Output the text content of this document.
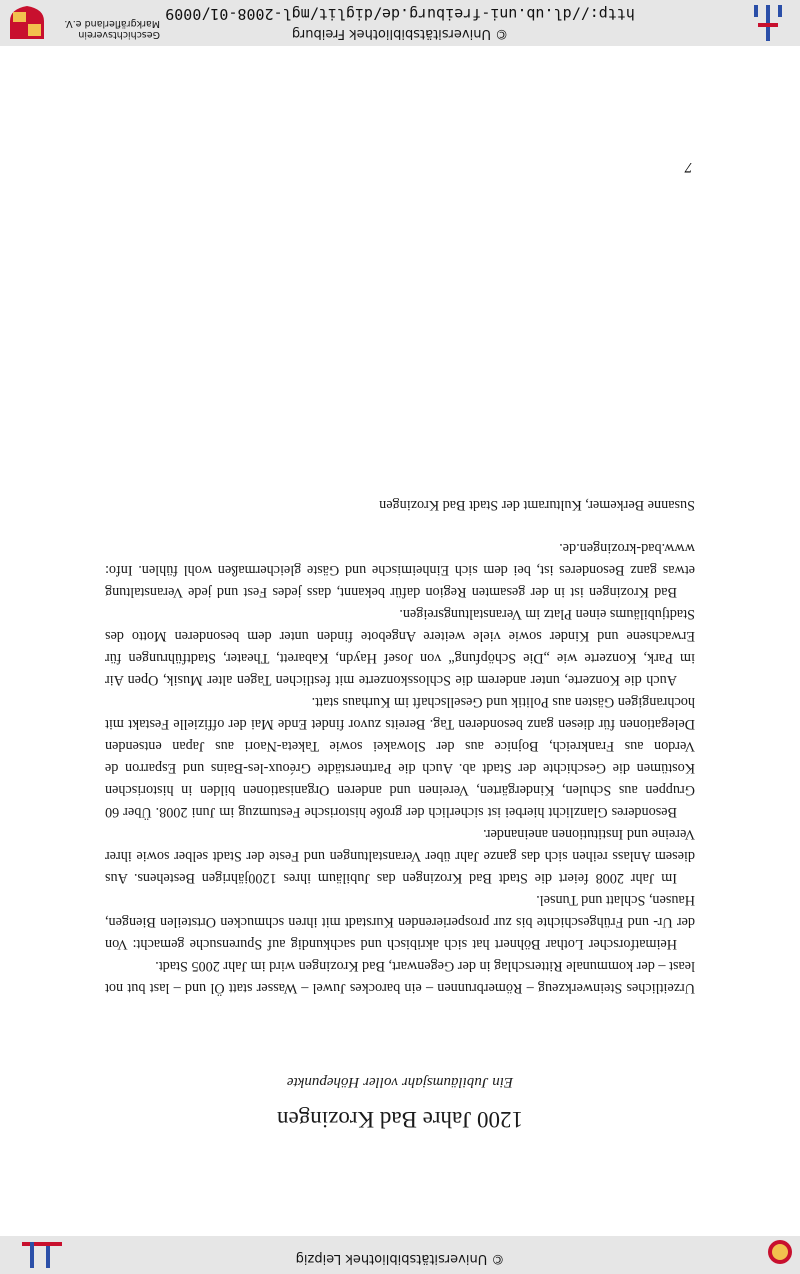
© Universitätsbibliothek Leipzig
1200 Jahre Bad Krozingen
Ein Jubiläumsjahr voller Höhepunkte

Urzeitliches Steinwerkzeug – Römerbrunnen – ein barockes Juwel – Wasser statt Öl und – last but not least – der kommunale Ritterschlag in der Gegenwart, Bad Krozingen wird im Jahr 2005 Stadt.

Heimatforscher Lothar Böhnert hat sich akribisch und sachkundig auf Spurensuche gemacht: Von der Ur- und Frühgeschichte bis zur prosperierenden Kurstadt mit ihren schmucken Ortsteilen Biengen, Hausen, Schlatt und Tunsel.

Im Jahr 2008 feiert die Stadt Bad Krozingen das Jubiläum ihres 1200jährigen Bestehens. Aus diesem Anlass reihen sich das ganze Jahr über Veranstaltungen und Feste der Stadt selber sowie ihrer Vereine und Institutionen aneinander.

Besonderes Glanzlicht hierbei ist sicherlich der große historische Festumzug im Juni 2008. Über 60 Gruppen aus Schulen, Kindergärten, Vereinen und anderen Organisationen bilden in historischen Kostümen die Geschichte der Stadt ab. Auch die Partnerstädte Gréoux-les-Bains und Esparron de Verdon aus Frankreich, Bojnice aus der Slowakei sowie Taketa-Naori aus Japan entsenden Delegationen für diesen ganz besonderen Tag. Bereits zuvor findet Ende Mai der offizielle Festakt mit hochrangigen Gästen aus Politik und Gesellschaft im Kurhaus statt.

Auch die Konzerte, unter anderem die Schlosskonzerte mit festlichen Tagen alter Musik, Open Air im Park, Konzerte wie „Die Schöpfung“ von Josef Haydn, Kabarett, Theater, Stadtführungen für Erwachsene und Kinder sowie viele weitere Angebote finden unter dem besonderen Motto des Stadtjubiläums einen Platz im Veranstaltungsreigen.

Bad Krozingen ist in der gesamten Region dafür bekannt, dass jedes Fest und jede Veranstaltung etwas ganz Besonderes ist, bei dem sich Einheimische und Gäste gleichermaßen wohl fühlen. Info: www.bad-krozingen.de.

Susanne Berkemer, Kulturamt der Stadt Bad Krozingen
7
© Universitätsbibliothek Freiburg
http://dl.ub.uni-freiburg.de/diglit/mgl-2008-01/0009
Geschichtsverein Markgräflerland e.V.
